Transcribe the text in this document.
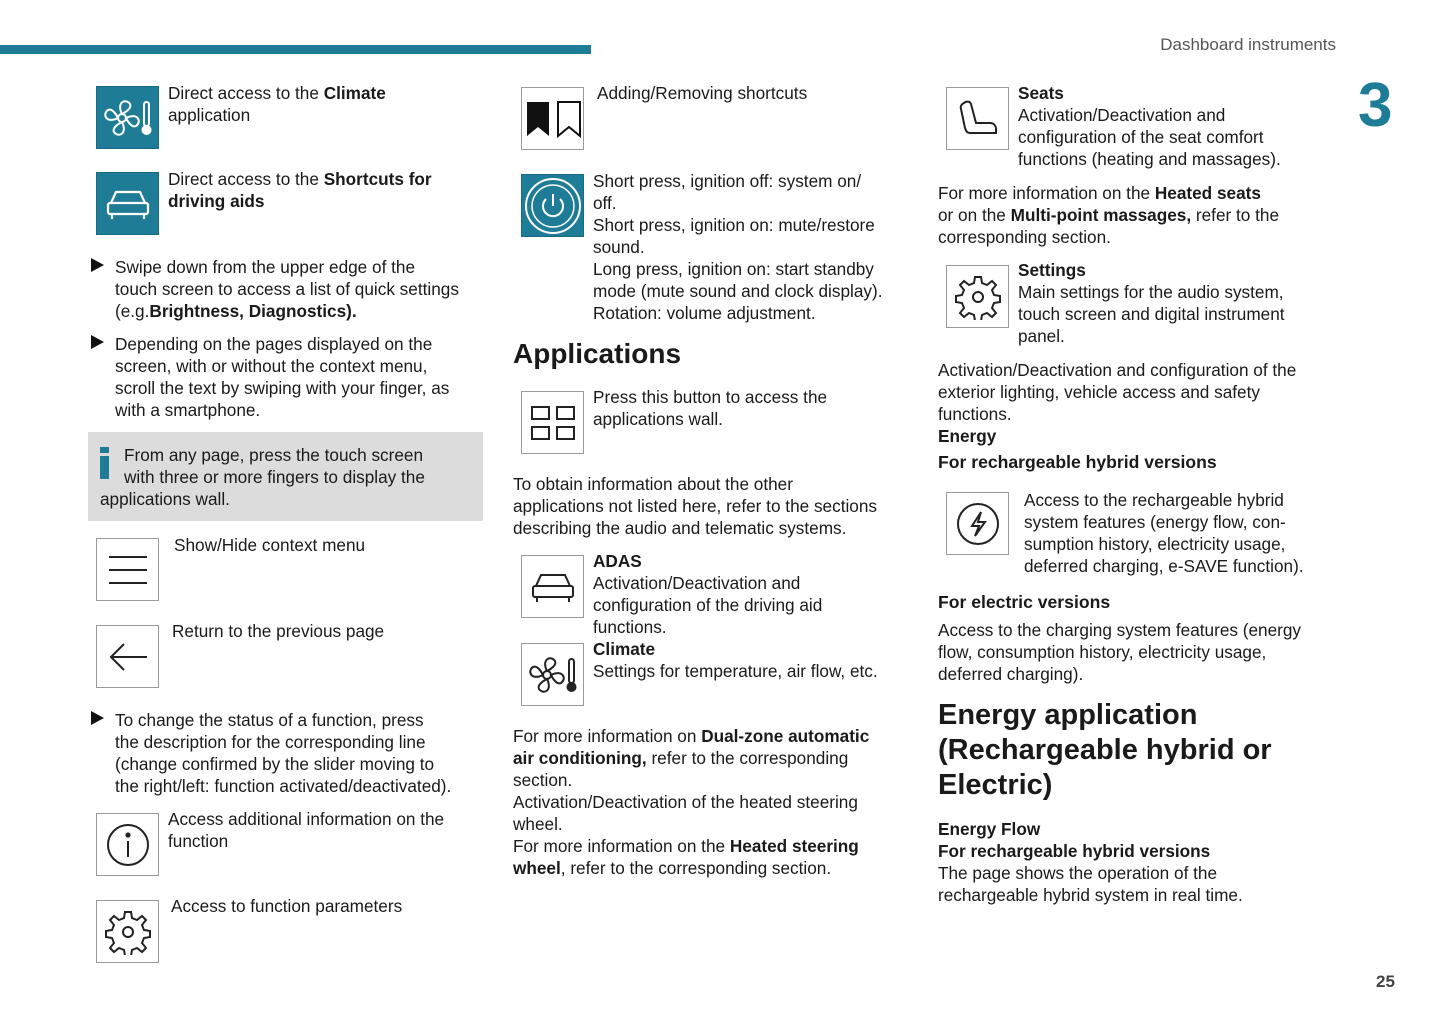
Dashboard instruments
3
25
Direct access to the Climate
application
Direct access to the Shortcuts for driving aids
Swipe down from the upper edge of the
touch screen to access a list of quick settings
(e.g.Brightness, Diagnostics).
Depending on the pages displayed on the
screen, with or without the context menu,
scroll the text by swiping with your finger, as
with a smartphone.
From any page, press the touch screen
with three or more fingers to display the
applications wall.
Show/Hide context menu
Return to the previous page
To change the status of a function, press
the description for the corresponding line
(change confirmed by the slider moving to
the right/left: function activated/deactivated).
Access additional information on the
function
Access to function parameters
Adding/Removing shortcuts
Short press, ignition off: system on/
off.
Short press, ignition on: mute/restore
sound.
Long press, ignition on: start standby
mode (mute sound and clock display).
Rotation: volume adjustment.
Applications
Press this button to access the
applications wall.
To obtain information about the other
applications not listed here, refer to the sections
describing the audio and telematic systems.
ADAS
Activation/Deactivation and
configuration of the driving aid
functions.
Climate
Settings for temperature, air flow, etc.
For more information on Dual-zone automatic
air conditioning, refer to the corresponding
section.
Activation/Deactivation of the heated steering
wheel.
For more information on the Heated steering
wheel, refer to the corresponding section.
Seats
Activation/Deactivation and
configuration of the seat comfort
functions (heating and massages).
For more information on the Heated seats
or on the Multi-point massages, refer to the
corresponding section.
Settings
Main settings for the audio system,
touch screen and digital instrument
panel.
Activation/Deactivation and configuration of the
exterior lighting, vehicle access and safety
functions.
Energy
For rechargeable hybrid versions
Access to the rechargeable hybrid
system features (energy flow, con-
sumption history, electricity usage,
deferred charging, e-SAVE function).
For electric versions
Access to the charging system features (energy
flow, consumption history, electricity usage,
deferred charging).
Energy application
(Rechargeable hybrid or
Electric)
Energy Flow
For rechargeable hybrid versions
The page shows the operation of the
rechargeable hybrid system in real time.
